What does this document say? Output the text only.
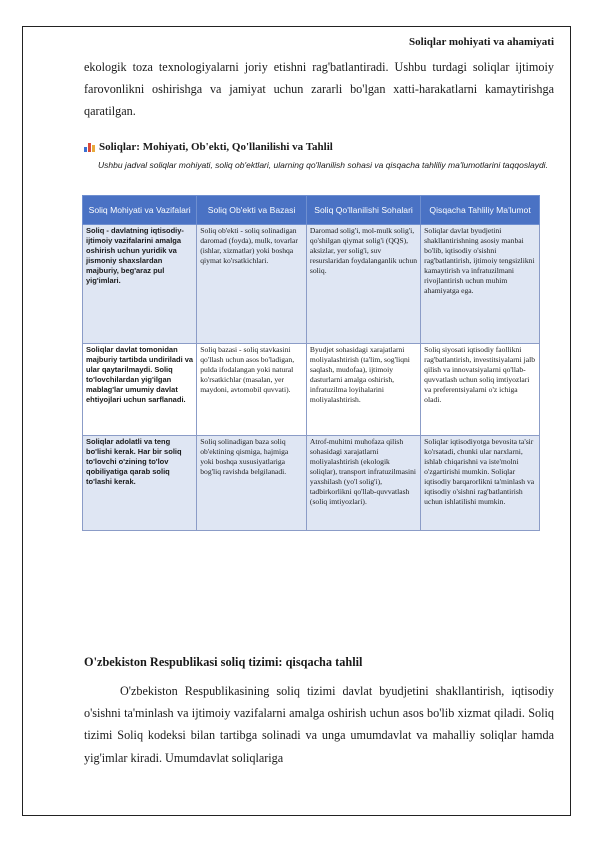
Soliqlar mohiyati va ahamiyati

ekologik toza texnologiyalarni joriy etishni rag'batlantiradi. Ushbu turdagi soliqlar ijtimoiy farovonlikni oshirishga va jamiyat uchun zararli bo'lgan xatti-harakatlarni kamaytirishga qaratilgan.

Soliqlar: Mohiyati, Ob'ekti, Qo'llanilishi va Tahlil
Ushbu jadval soliqlar mohiyati, soliq ob'ektlari, ularning qo'llanilish sohasi va qisqacha tahliliy ma'lumotlarini taqqoslaydi.
Soliq Mohiyati va Vazifalari	Soliq Ob'ekti va Bazasi	Soliq Qo'llanilishi Sohalari	Qisqacha Tahliliy Ma'lumot
Soliq - davlatning iqtisodiy-ijtimoiy vazifalarini amalga oshirish uchun yuridik va jismoniy shaxslardan majburiy, beg'araz pul yig'imlari.	Soliq ob'ekti - soliq solinadigan daromad (foyda), mulk, tovarlar (ishlar, xizmatlar) yoki boshqa qiymat ko'rsatkichlari.	Daromad solig'i, mol-mulk solig'i, qo'shilgan qiymat solig'i (QQS), aksizlar, yer solig'i, suv resurslaridan foydalanganlik uchun soliq.	Soliqlar davlat byudjetini shakllantirishning asosiy manbai bo'lib, iqtisodiy o'sishni rag'batlantirish, ijtimoiy tengsizlikni kamaytirish va infratuzilmani rivojlantirish uchun muhim ahamiyatga ega.
Soliqlar davlat tomonidan majburiy tartibda undiriladi va ular qaytarilmaydi. Soliq to'lovchilardan yig'ilgan mablag'lar umumiy davlat ehtiyojlari uchun sarflanadi.	Soliq bazasi - soliq stavkasini qo'llash uchun asos bo'ladigan, pulda ifodalangan yoki natural ko'rsatkichlar (masalan, yer maydoni, avtomobil quvvati).	Byudjet sohasidagi xarajatlarni moliyalashtirish (ta'lim, sog'liqni saqlash, mudofaa), ijtimoiy dasturlarni amalga oshirish, infratuzilma loyihalarini moliyalashtirish.	Soliq siyosati iqtisodiy faollikni rag'batlantirish, investitsiyalarni jalb qilish va innovatsiyalarni qo'llab-quvvatlash uchun soliq imtiyozlari va preferentsiyalarni o'z ichiga oladi.
Soliqlar adolatli va teng bo'lishi kerak. Har bir soliq to'lovchi o'zining to'lov qobiliyatiga qarab soliq to'lashi kerak.	Soliq solinadigan baza soliq ob'ektining qismiga, hajmiga yoki boshqa xususiyatlariga bog'liq ravishda belgilanadi.	Atrof-muhitni muhofaza qilish sohasidagi xarajatlarni moliyalashtirish (ekologik soliqlar), transport infratuzilmasini yaxshilash (yo'l solig'i), tadbirkorlikni qo'llab-quvvatlash (soliq imtiyozlari).	Soliqlar iqtisodiyotga bevosita ta'sir ko'rsatadi, chunki ular narxlarni, ishlab chiqarishni va iste'molni o'zgartirishi mumkin. Soliqlar iqtisodiy barqarorlikni ta'minlash va iqtisodiy o'sishni rag'batlantirish uchun ishlatilishi mumkin.
O'zbekiston Respublikasi soliq tizimi: qisqacha tahlil

O'zbekiston Respublikasining soliq tizimi davlat byudjetini shakllantirish, iqtisodiy o'sishni ta'minlash va ijtimoiy vazifalarni amalga oshirish uchun asos bo'lib xizmat qiladi. Soliq tizimi Soliq kodeksi bilan tartibga solinadi va unga umumdavlat va mahalliy soliqlar hamda yig'imlar kiradi. Umumdavlat soliqlariga
